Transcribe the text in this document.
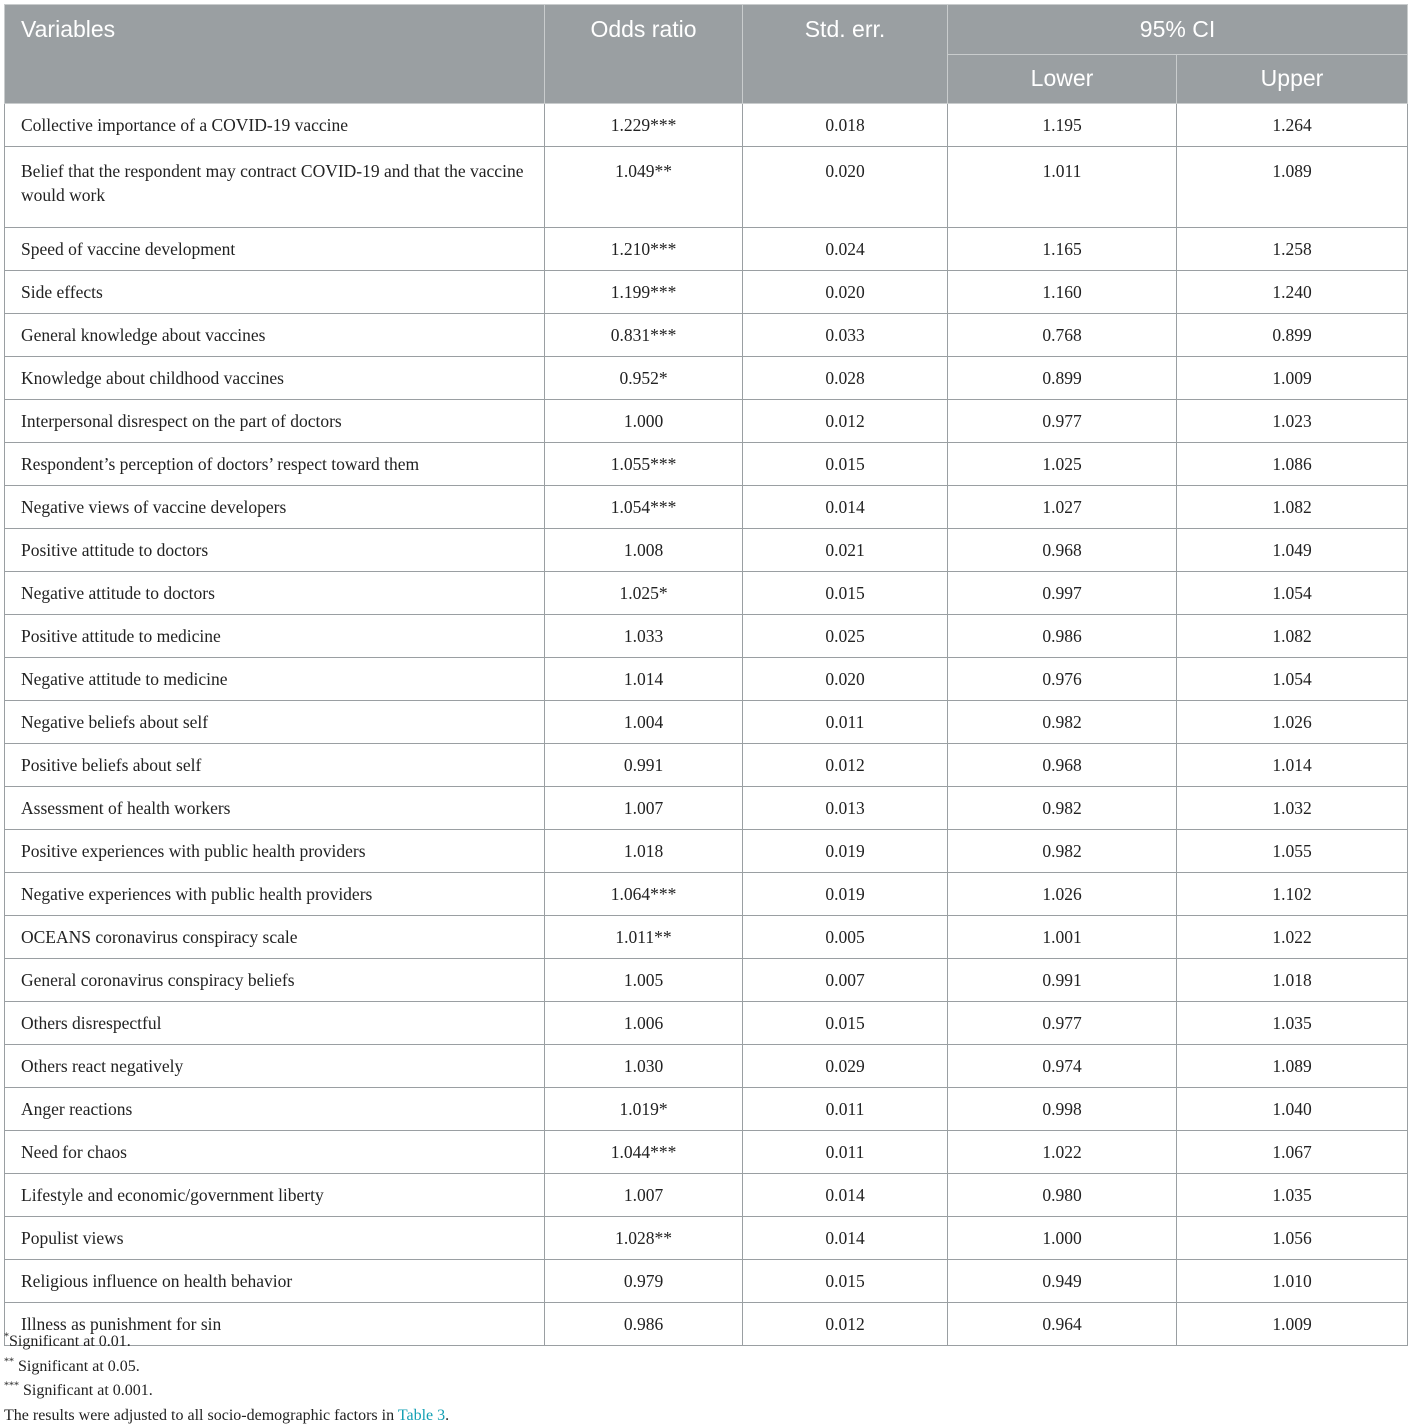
Variables	Odds ratio	Std. err.	95% CI	
			Lower	Upper
Collective importance of a COVID-19 vaccine	1.229***	0.018	1.195	1.264
Belief that the respondent may contract COVID-19 and that the vaccine would work	1.049**	0.020	1.011	1.089
Speed of vaccine development	1.210***	0.024	1.165	1.258
Side effects	1.199***	0.020	1.160	1.240
General knowledge about vaccines	0.831***	0.033	0.768	0.899
Knowledge about childhood vaccines	0.952*	0.028	0.899	1.009
Interpersonal disrespect on the part of doctors	1.000	0.012	0.977	1.023
Respondent’s perception of doctors’ respect toward them	1.055***	0.015	1.025	1.086
Negative views of vaccine developers	1.054***	0.014	1.027	1.082
Positive attitude to doctors	1.008	0.021	0.968	1.049
Negative attitude to doctors	1.025*	0.015	0.997	1.054
Positive attitude to medicine	1.033	0.025	0.986	1.082
Negative attitude to medicine	1.014	0.020	0.976	1.054
Negative beliefs about self	1.004	0.011	0.982	1.026
Positive beliefs about self	0.991	0.012	0.968	1.014
Assessment of health workers	1.007	0.013	0.982	1.032
Positive experiences with public health providers	1.018	0.019	0.982	1.055
Negative experiences with public health providers	1.064***	0.019	1.026	1.102
OCEANS coronavirus conspiracy scale	1.011**	0.005	1.001	1.022
General coronavirus conspiracy beliefs	1.005	0.007	0.991	1.018
Others disrespectful	1.006	0.015	0.977	1.035
Others react negatively	1.030	0.029	0.974	1.089
Anger reactions	1.019*	0.011	0.998	1.040
Need for chaos	1.044***	0.011	1.022	1.067
Lifestyle and economic/government liberty	1.007	0.014	0.980	1.035
Populist views	1.028**	0.014	1.000	1.056
Religious influence on health behavior	0.979	0.015	0.949	1.010
Illness as punishment for sin	0.986	0.012	0.964	1.009
*Significant at 0.01.
** Significant at 0.05.
*** Significant at 0.001.
The results were adjusted to all socio-demographic factors in Table 3.
